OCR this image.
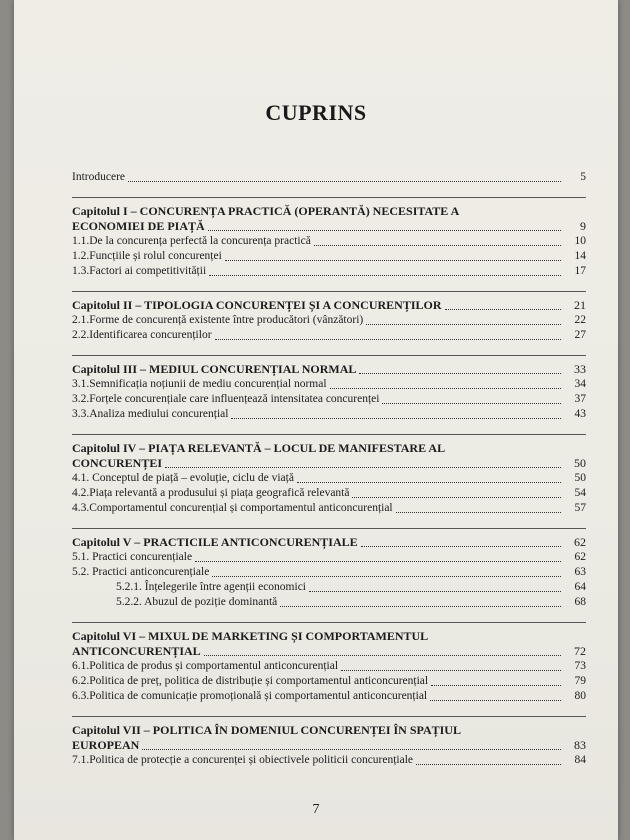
CUPRINS
Introducere	5
Capitolul I – CONCURENȚA PRACTICĂ (OPERANTĂ) NECESITATE A
ECONOMIEI DE PIAȚĂ	9
1.1.De la concurența perfectă la concurența practică	10
1.2.Funcțiile și rolul concurenței	14
1.3.Factori ai competitivității	17
Capitolul II – TIPOLOGIA CONCURENȚEI ȘI A CONCURENȚILOR	21
2.1.Forme de concurență existente între producători (vânzători)	22
2.2.Identificarea concurenților	27
Capitolul III – MEDIUL CONCURENȚIAL NORMAL	33
3.1.Semnificația noțiunii de mediu concurențial normal	34
3.2.Forțele concurențiale care influențează intensitatea concurenței	37
3.3.Analiza mediului concurențial	43
Capitolul IV – PIAȚA RELEVANTĂ – LOCUL DE MANIFESTARE AL
CONCURENȚEI	50
4.1. Conceptul de piață – evoluție, ciclu de viață	50
4.2.Piața relevantă a produsului și piața geografică relevantă	54
4.3.Comportamentul concurențial și comportamentul anticoncurențial	57
Capitolul V – PRACTICILE ANTICONCURENȚIALE	62
5.1. Practici concurențiale	62
5.2. Practici anticoncurențiale	63
5.2.1. Înțelegerile între agenții economici	64
5.2.2. Abuzul de poziție dominantă	68
Capitolul VI – MIXUL DE MARKETING ȘI COMPORTAMENTUL
ANTICONCURENȚIAL	72
6.1.Politica de produs și comportamentul anticoncurențial	73
6.2.Politica de preț, politica de distribuție și comportamentul anticoncurențial	79
6.3.Politica de comunicație promoțională și comportamentul anticoncurențial	80
Capitolul VII – POLITICA ÎN DOMENIUL CONCURENȚEI ÎN SPAȚIUL
EUROPEAN	83
7.1.Politica de protecție a concurenței și obiectivele politicii concurențiale	84
7
